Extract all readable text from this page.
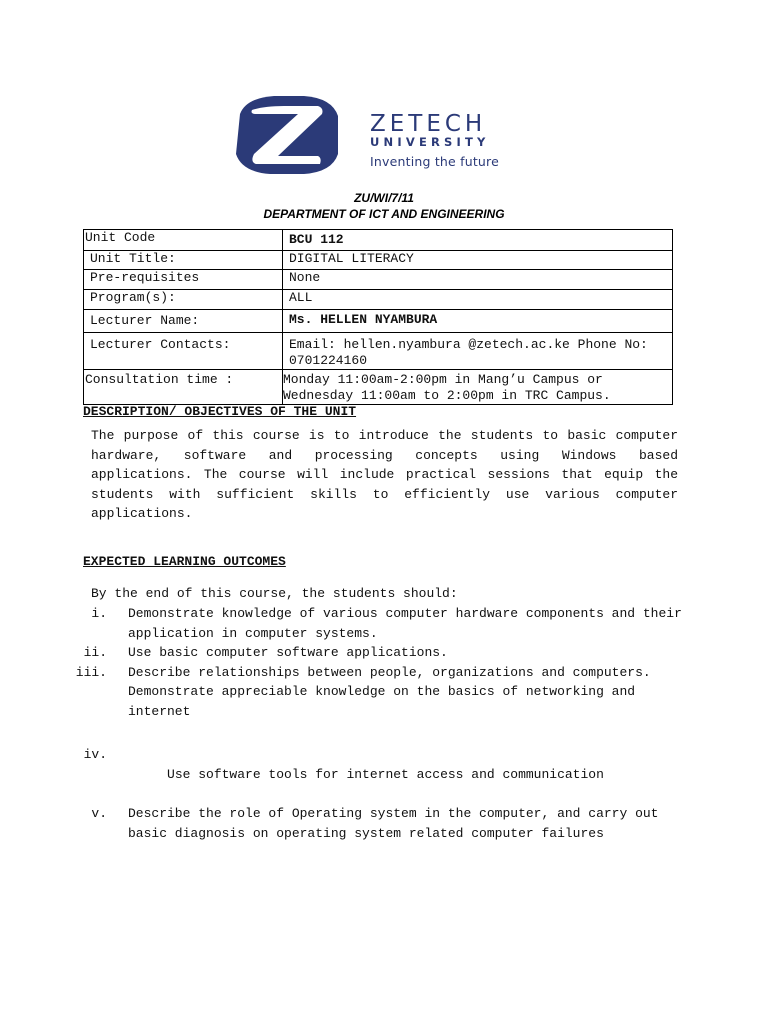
ZETECH
UNIVERSITY
Inventing the future
ZU/WI/7/11
DEPARTMENT OF ICT AND ENGINEERING
Unit Code	BCU 112
Unit Title:	DIGITAL LITERACY
Pre-requisites	None
Program(s):	ALL
Lecturer Name:	Ms. HELLEN NYAMBURA
Lecturer Contacts:	Email: hellen.nyambura @zetech.ac.ke Phone No: 0701224160
Consultation time :	Monday 11:00am-2:00pm in Mang’u Campus or Wednesday 11:00am to 2:00pm in TRC Campus.
DESCRIPTION/ OBJECTIVES OF THE UNIT
The purpose of this course is to introduce the students to basic computer hardware, software and processing concepts using Windows based applications. The course will include practical sessions that equip the students with sufficient skills to efficiently use various computer applications.
EXPECTED LEARNING OUTCOMES
By the end of this course, the students should:
i. Demonstrate knowledge of various computer hardware components and their application in computer systems.
ii. Use basic computer software applications.
iii. Describe relationships between people, organizations and computers. Demonstrate appreciable knowledge on the basics of networking and internet

iv.

Use software tools for internet access and communication

v. Describe the role of Operating system in the computer, and carry out basic diagnosis on operating system related computer failures
